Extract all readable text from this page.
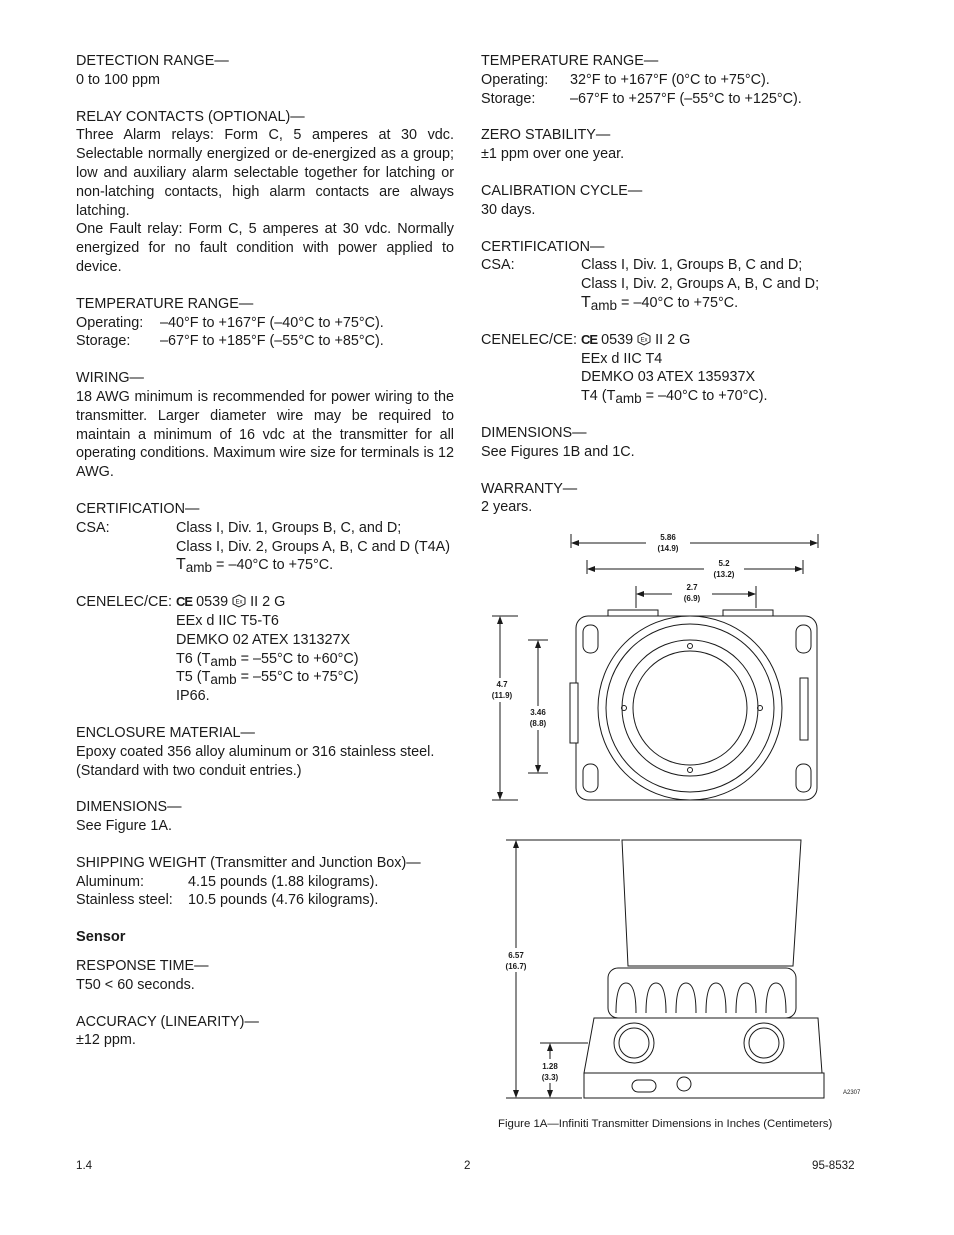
DETECTION RANGE—
0 to 100 ppm
RELAY CONTACTS (OPTIONAL)—
Three Alarm relays: Form C, 5 amperes at 30 vdc. Selectable normally energized or de-energized as a group; low and auxiliary alarm selectable together for latching or non-latching contacts, high alarm contacts are always latching.
One Fault relay: Form C, 5 amperes at 30 vdc. Normally energized for no fault condition with power applied to device.
TEMPERATURE RANGE—
Operating:	–40°F to +167°F (–40°C to +75°C).
Storage:	–67°F to +185°F (–55°C to +85°C).
WIRING—
18 AWG minimum is recommended for power wiring to the transmitter. Larger diameter wire may be required to maintain a minimum of 16 vdc at the transmitter for all operating conditions. Maximum wire size for terminals is 12 AWG.
CERTIFICATION—
CSA:	Class I, Div. 1, Groups B, C, and D;
Class I, Div. 2, Groups A, B, C and D (T4A)
Tamb = –40°C to +75°C.
CENELEC/CE: CE 0539 Ex II 2 G
EEx d IIC T5-T6
DEMKO 02 ATEX 131327X
T6 (Tamb = –55°C to +60°C)
T5 (Tamb = –55°C to +75°C)
IP66.
ENCLOSURE MATERIAL—
Epoxy coated 356 alloy aluminum or 316 stainless steel.
(Standard with two conduit entries.)
DIMENSIONS—
See Figure 1A.
SHIPPING WEIGHT (Transmitter and Junction Box)—
Aluminum:	4.15 pounds (1.88 kilograms).
Stainless steel:	10.5 pounds (4.76 kilograms).
Sensor
RESPONSE TIME—
T50 < 60 seconds.
ACCURACY (LINEARITY)—
±12 ppm.
TEMPERATURE RANGE—
Operating:	32°F to +167°F (0°C to +75°C).
Storage:	–67°F to +257°F (–55°C to +125°C).
ZERO STABILITY—
±1 ppm over one year.
CALIBRATION CYCLE—
30 days.
CERTIFICATION—
CSA:	Class I, Div. 1, Groups B, C and D;
Class I, Div. 2, Groups A, B, C and D;
Tamb = –40°C to +75°C.
CENELEC/CE: CE 0539 Ex II 2 G
EEx d IIC T4
DEMKO 03 ATEX 135937X
T4 (Tamb = –40°C to +70°C).
DIMENSIONS—
See Figures 1B and 1C.
WARRANTY—
2 years.
5.86
(14.9)
5.2
(13.2)
2.7
(6.9)
4.7
(11.9)
3.46
(8.8)
A2307
6.57
(16.7)
1.28
(3.3)
Figure 1A—Infiniti Transmitter Dimensions in Inches (Centimeters)
1.4	2	95-8532
